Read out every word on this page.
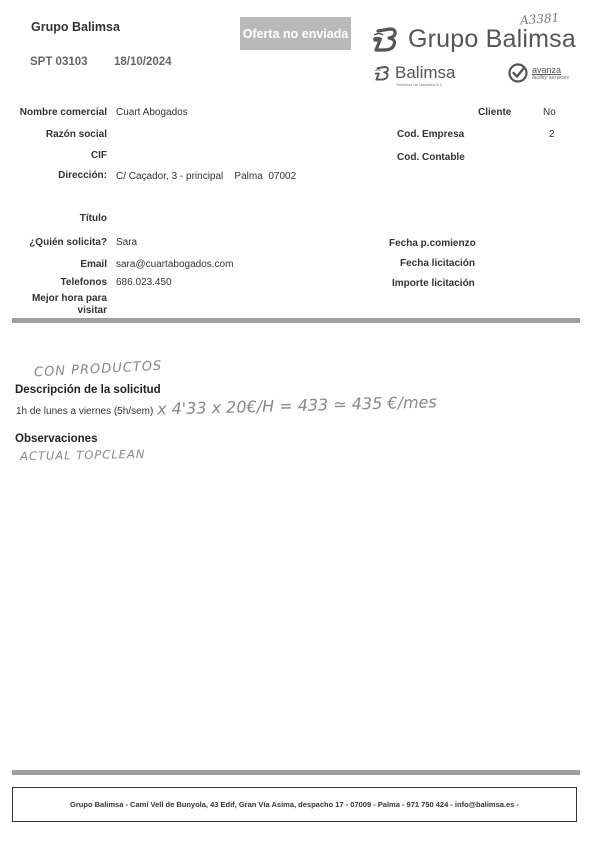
Grupo Balimsa
SPT 03103 18/10/2024
Oferta no enviada
A3381
Grupo Balimsa
Balimsa
Servicios de Limpieza S.L.
avanza
facility services
Nombre comercial Cuart Abogados
Razón social
CIF
Dirección: C/ Caçador, 3 - principal Palma 07002
Título
¿Quién solicita? Sara
Email sara@cuartabogados.com
Telefonos 686.023.450
Mejor hora para
visitar
Cliente	No
Cod. Empresa	2
Cod. Contable
Fecha p.comienzo
Fecha licitación
Importe licitación
CON PRODUCTOS
Descripción de la solicitud
1h de lunes a viernes (5h/sem) x 4'33 x 20€/H = 433 ≃ 435 €/mes
Observaciones
ACTUAL TOPCLEAN
Grupo Balimsa - Camí Vell de Bunyola, 43 Edif, Gran Vía Asima, despacho 17 - 07009 - Palma - 971 750 424 - info@balimsa.es -
